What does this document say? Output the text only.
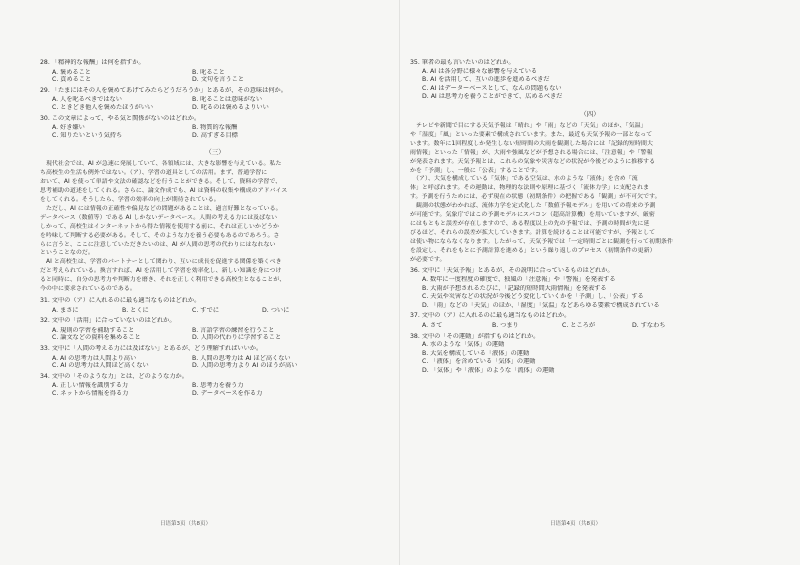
28. 「精神的な報酬」は何を指すか。
A. 褒めること	B. 叱ること
C. 貢めること	D. 文句を言うこと
29. 「たまにはその人を褒めてあげてみたらどうだろうか」とあるが、その意味は何か。
A. 人を叱るべきではない	B. 叱ることは意味がない
C. ときどき他人を褒めたほうがいい	D. 叱るのは褒めるよりいい
30. この文章によって、やる気と関係がないのはどれか。
A. 好き嫌い	B. 物質的な報酬
C. 知りたいという気持ち	D. 高すぎる目標
（三）

　現代社会では、AI が急速に発展していて、各領域には、大きな影響を与えている。私た

ち高校生の生活も例外ではない。（ア）、学習の道具としての活用。まず、普通学習に

おいて、AI を使って単語や文法の確認などを行うことができる。そして、資料の学習で、

思考補助の道述をしてくれる。さらに、論文作成でも、AI は資料の収集や構成のアドバイス

をしてくれる。そうしたら、学習の効率の向上が期待されている。

　ただし、AI には情報の正確性や偏見などの問題があることは、過言好難となっている。

データベース（数値等）である AI しかないデータベース。人間の考える力には及ばない

しかって、高校生はインターネットから得た情報を使用する前に、それは正しいかどうか

を吟味して判断する必要がある。そして、そのような力を養う必要もあるのであろう。さ

らに言うと、ここに注意していただきたいのは、AI が人間の思考の代わりにはなれない

ということなのだ。

　AI と高校生は、学習のパートナーとして関わり、互いに成長を促進する関係を築くべき

だと考えられている。換言すれば、AI を活用して学習を効率化し、新しい知識を身につけ

ると同時に、自分の思考力や判断力を磨き、それを正しく利用できる高校生となることが、

今の中に要求されているのである。

31. 文中の（ア）に入れるのに最も適当なものはどれか。
A. まさに	B. とくに	C. すでに	D. ついに
32. 文中の「活用」に合っていないのはどれか。
A. 規則の学習を補助すること	B. 言語学習の練習を行うこと
C. 論文などの資料を集めること	D. 人間の代わりに学習すること
33. 文中に「人間の考える力には及ばない」とあるが、どう理解すればいいか。
A. AI の思考力は人間より高い	B. 人間の思考力は AI ほど高くない
C. AI の思考力は人間ほど高くない	D. 人間の思考力より AI のほうが高い
34. 文中の「そのような力」とは、どのような力か。
A. 正しい情報を識別する力	B. 思考力を養う力
C. ネットから情報を得る力	D. データベースを作る力
日语第3页（共8页）
35. 筆者の最も言いたいのはどれか。
A. AI は各分野に様々な影響を与えている
B. AI を活用して、互いの進歩を進めるべきだ
C. AI はデーターベースとして、なんの問題もない
D. AI は思考力を養うことができて、広めるべきだ
（四）

　テレビや新聞で目にする天気予報は「晴れ」や「雨」などの「天気」のほか、「気温」

や「湿度」「風」といった要素で構成されています。また、最近も天気予報の一部となって

います。数年に1回程度しか発生しない短時間の大雨を観測した場合には「記録的短時間大

雨情報」といった「情報」が、大雨や強風などが予想される場合には、「注意報」や「警報

が発表されます。天気予報とは、これらの気象や災害などの状況が今後どのように推移する

かを「予測」し、一般に「公表」することです。

　（ア）、大気を構成している「気体」である空気は、水のような「液体」を含め「流

体」と呼ばれます。その運動は、物理的な法則や原理に基づく「流体力学」に支配されま

す。予測を行うためには、必ず現在の状態（初期条件）の把握である「観測」が不可欠です。

　観測の状態がわかれば、流体力学を定式化した「数値予報モデル」を用いての将来の予測

が可能です。気象庁ではこの予測モデルにスパコン（超高計算機）を用いていますが、厳密

にはもともと誤差が存在しますので、ある程度以上の先の予報では、予測の時間が先に延

びるほど、それらの誤差が拡大していきます。計算を続けることは可能ですが、予報として

は使い物にならなくなります。したがって、天気予報では「一定時間ごとに観測を行って初期条件

を設定し、それをもとに予測計算を進める」という繰り返しのプロセス（初期条件の更新）

が必要です。

36. 文中に「天気予報」とあるが、その説明に合っているものはどれか。
A. 数年に一度程度の確度で、独風の「注意報」や「警報」を発表する
B. 大雨が予想されるたびに、「記録的短時間大雨情報」を発表する
C. 天気や災害などの状況が今後どう変化していくかを「予測」し、「公表」する
D. 「雨」などの「天気」のほか、「湿度」「気温」などあらゆる要素で構成されている
37. 文中の（ア）に入れるのに最も適当なものはどれか。
A. さて	B. つまり	C. ところが	D. すなわち
38. 文中の「その運動」が指すものはどれか。
A. 水のような「気体」の運動
B. 大気を構成している「液体」の運動
C. 「液体」を含めている「気体」の運動
D. 「気体」や「液体」のような「流体」の運動
日语第4页（共8页）
